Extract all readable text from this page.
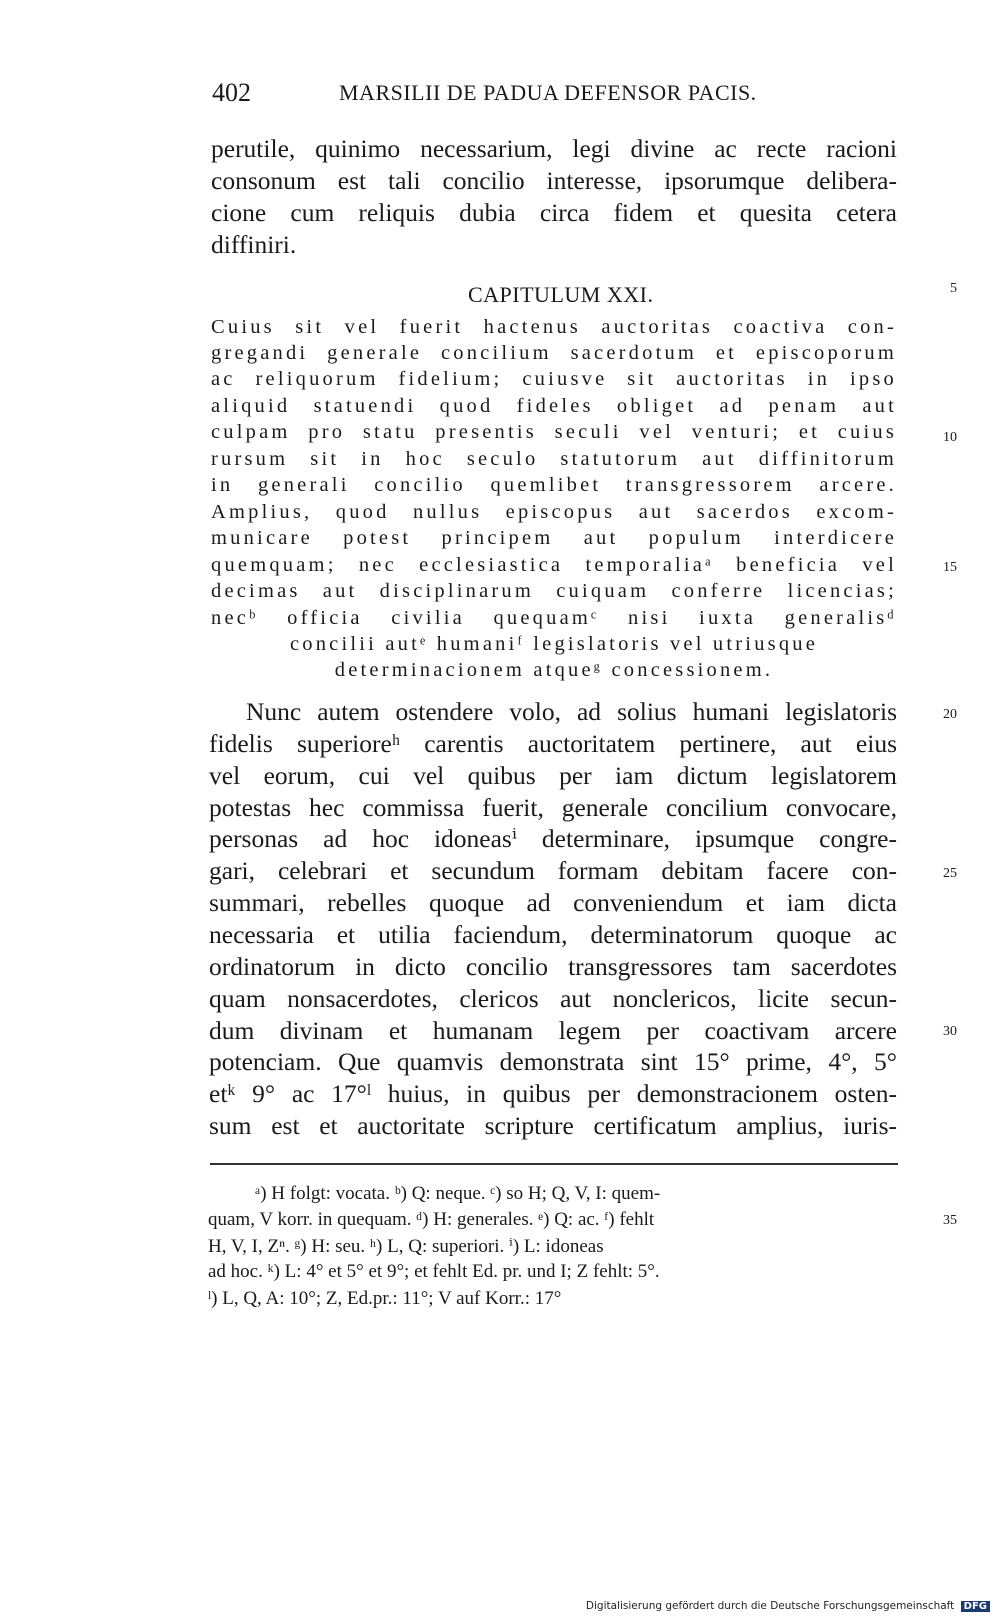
402	MARSILII DE PADUA DEFENSOR PACIS.
perutile, quinimo necessarium, legi divine ac recte racioni
consonum est tali concilio interesse, ipsorumque delibera-
cione cum reliquis dubia circa fidem et quesita cetera
diffiniri.
CAPITULUM XXI.
Cuius sit vel fuerit hactenus auctoritas coactiva con-
gregandi generale concilium sacerdotum et episcoporum
ac reliquorum fidelium; cuiusve sit auctoritas in ipso
aliquid statuendi quod fideles obliget ad penam aut
culpam pro statu presentis seculi vel venturi; et cuius
rursum sit in hoc seculo statutorum aut diffinitorum
in generali concilio quemlibet transgressorem arcere.
Amplius, quod nullus episcopus aut sacerdos excom-
municare potest principem aut populum interdicere
quemquam; nec ecclesiastica temporaliaᵃ beneficia vel
decimas aut disciplinarum cuiquam conferre licencias;
necᵇ officia civilia quequamᶜ nisi iuxta generalisᵈ
concilii autᵉ humaniᶠ legislatoris vel utriusque
determinacionem atqueᵍ concessionem.
Nunc autem ostendere volo, ad solius humani legislatoris
fidelis superioreʰ carentis auctoritatem pertinere, aut eius
vel eorum, cui vel quibus per iam dictum legislatorem
potestas hec commissa fuerit, generale concilium convocare,
personas ad hoc idoneasⁱ determinare, ipsumque congre-
gari, celebrari et secundum formam debitam facere con-
summari, rebelles quoque ad conveniendum et iam dicta
necessaria et utilia faciendum, determinatorum quoque ac
ordinatorum in dicto concilio transgressores tam sacerdotes
quam nonsacerdotes, clericos aut nonclericos, licite secun-
dum divinam et humanam legem per coactivam arcere
potenciam. Que quamvis demonstrata sint 15° prime, 4°, 5°
etᵏ 9° ac 17°ˡ huius, in quibus per demonstracionem osten-
sum est et auctoritate scripture certificatum amplius, iuris-
5
10
15
20
25
30
35
ᵃ) H folgt: vocata. ᵇ) Q: neque. ᶜ) so H; Q, V, I: quem-
quam, V korr. in quequam. ᵈ) H: generales. ᵉ) Q: ac. ᶠ) fehlt
H, V, I, Zⁿ. ᵍ) H: seu. ʰ) L, Q: superiori. ⁱ) L: idoneas
ad hoc. ᵏ) L: 4° et 5° et 9°; et fehlt Ed. pr. und I; Z fehlt: 5°.
ˡ) L, Q, A: 10°; Z, Ed.pr.: 11°; V auf Korr.: 17°
Digitalisierung gefördert durch die Deutsche Forschungsgemeinschaft DFG
